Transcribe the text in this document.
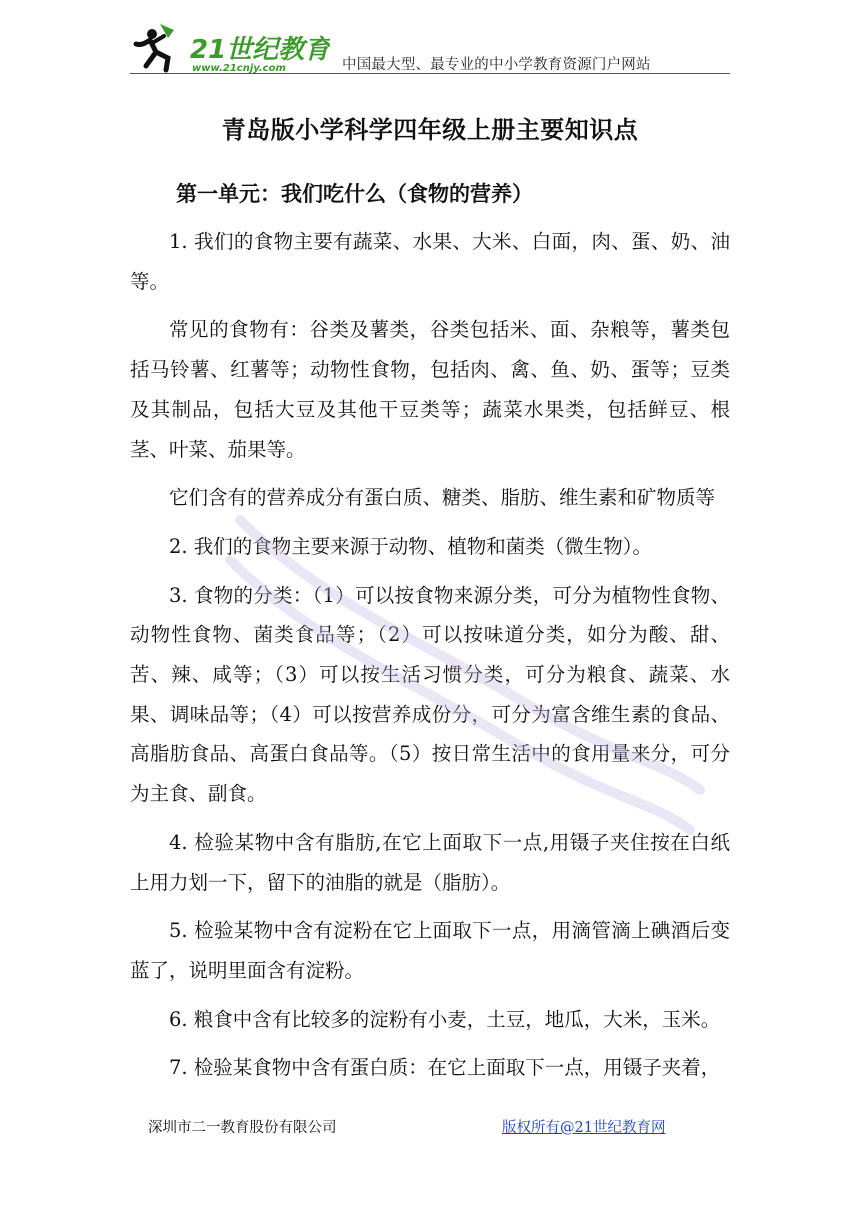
21世纪教育
www.21cnjy.com	中国最大型、最专业的中小学教育资源门户网站
青岛版小学科学四年级上册主要知识点
第一单元：我们吃什么（食物的营养）

1. 我们的食物主要有蔬菜、水果、大米、白面，肉、蛋、奶、油等。

常见的食物有：谷类及薯类，谷类包括米、面、杂粮等，薯类包括马铃薯、红薯等；动物性食物，包括肉、禽、鱼、奶、蛋等；豆类及其制品，包括大豆及其他干豆类等；蔬菜水果类，包括鲜豆、根茎、叶菜、茄果等。

它们含有的营养成分有蛋白质、糖类、脂肪、维生素和矿物质等

2. 我们的食物主要来源于动物、植物和菌类（微生物）。

3. 食物的分类：（1）可以按食物来源分类，可分为植物性食物、动物性食物、菌类食品等；（2）可以按味道分类，如分为酸、甜、苦、辣、咸等；（3）可以按生活习惯分类，可分为粮食、蔬菜、水果、调味品等；（4）可以按营养成份分，可分为富含维生素的食品、高脂肪食品、高蛋白食品等。（5）按日常生活中的食用量来分，可分为主食、副食。

4. 检验某物中含有脂肪,在它上面取下一点,用镊子夹住按在白纸上用力划一下，留下的油脂的就是（脂肪）。

5. 检验某物中含有淀粉在它上面取下一点，用滴管滴上碘酒后变蓝了，说明里面含有淀粉。

6. 粮食中含有比较多的淀粉有小麦，土豆，地瓜，大米，玉米。

7. 检验某食物中含有蛋白质：在它上面取下一点，用镊子夹着，

深圳市二一教育股份有限公司	版权所有@21世纪教育网
